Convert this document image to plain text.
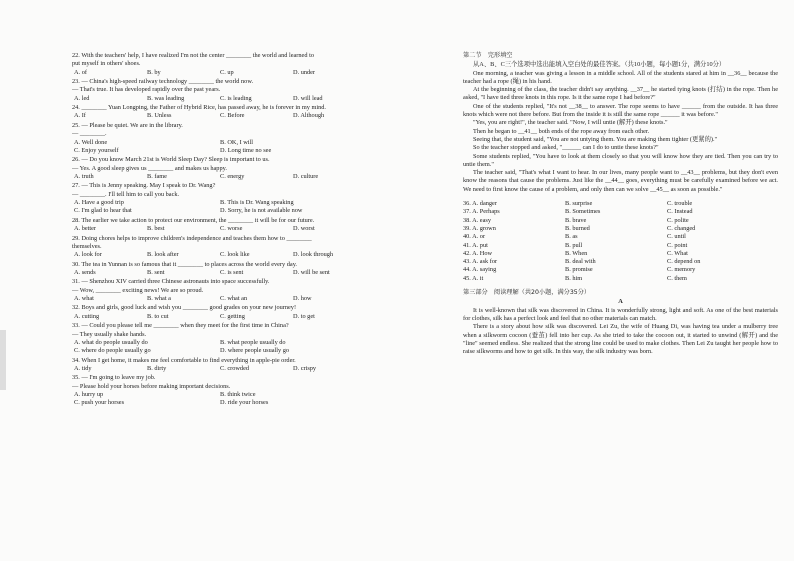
22. With the teachers' help, I have realized I'm not the center ________ the world and learned to
put myself in others' shoes.
A. of	B. by	C. up	D. under
23. — China's high-speed railway technology ________ the world now.
— That's true. It has developed rapidly over the past years.
A. led	B. was leading	C. is leading	D. will lead
24. ________ Yuan Longping, the Father of Hybrid Rice, has passed away, he is forever in my mind.
A. If	B. Unless	C. Before	D. Although
25. — Please be quiet. We are in the library.
— ________.
A. Well done	B. OK, I will
C. Enjoy yourself	D. Long time no see
26. — Do you know March 21st is World Sleep Day? Sleep is important to us.
— Yes. A good sleep gives us ________ and makes us happy.
A. truth	B. fame	C. energy	D. culture
27. — This is Jenny speaking. May I speak to Dr. Wang?
— ________. I'll tell him to call you back.
A. Have a good trip	B. This is Dr. Wang speaking
C. I'm glad to hear that	D. Sorry, he is not available now
28. The earlier we take action to protect our environment, the ________ it will be for our future.
A. better	B. best	C. worse	D. worst
29. Doing chores helps to improve children's independence and teaches them how to ________
themselves.
A. look for	B. look after	C. look like	D. look through
30. The tea in Yunnan is so famous that it ________ to places across the world every day.
A. sends	B. sent	C. is sent	D. will be sent
31. — Shenzhou XIV carried three Chinese astronauts into space successfully.
— Wow, ________ exciting news! We are so proud.
A. what	B. what a	C. what an	D. how
32. Boys and girls, good luck and wish you ________ good grades on your new journey!
A. cutting	B. to cut	C. getting	D. to get
33. — Could you please tell me ________ when they meet for the first time in China?
— They usually shake hands.
A. what do people usually do	B. what people usually do
C. where do people usually go	D. where people usually go
34. When I get home, it makes me feel comfortable to find everything in apple-pie order.
A. tidy	B. dirty	C. crowded	D. crispy
35. — I'm going to leave my job.
— Please hold your horses before making important decisions.
A. hurry up	B. think twice
C. push your horses	D. ride your horses
第二节　完形填空
从A、B、C三个选项中选出能填入空白处的最佳答案。（共10小题，每小题1分，满分10分）
One morning, a teacher was giving a lesson in a middle school. All of the students stared at him in __36__ because the teacher had a rope (绳) in his hand.
At the beginning of the class, the teacher didn't say anything. __37__ he started tying knots (打结) in the rope. Then he asked, "I have tied three knots in this rope. Is it the same rope I had before?"
One of the students replied, "It's not __38__ to answer. The rope seems to have ______ from the outside. It has three knots which were not there before. But from the inside it is still the same rope ______ it was before."
"Yes, you are right!", the teacher said. "Now, I will untie (解开) these knots."
Then he began to __41__ both ends of the rope away from each other.
Seeing that, the student said, "You are not untying them. You are making them tighter (更紧的)."
So the teacher stopped and asked, "______ can I do to untie these knots?"
Some students replied, "You have to look at them closely so that you will know how they are tied. Then you can try to untie them."
The teacher said, "That's what I want to hear. In our lives, many people want to __43__ problems, but they don't even know the reasons that cause the problems. Just like the __44__ goes, everything must be carefully examined before we act. We need to first know the cause of a problem, and only then can we solve __45__ as soon as possible."
36. A. danger	B. surprise	C. trouble
37. A. Perhaps	B. Sometimes	C. Instead
38. A. easy	B. brave	C. polite
39. A. grown	B. burned	C. changed
40. A. or	B. as	C. until
41. A. put	B. pull	C. point
42. A. How	B. When	C. What
43. A. ask for	B. deal with	C. depend on
44. A. saying	B. promise	C. memory
45. A. it	B. him	C. them
第三部分　阅读理解（共20小题，满分35分）
A
It is well-known that silk was discovered in China. It is wonderfully strong, light and soft. As one of the best materials for clothes, silk has a perfect look and feel that no other materials can match.
There is a story about how silk was discovered. Lei Zu, the wife of Huang Di, was having tea under a mulberry tree when a silkworm cocoon (蚕茧) fell into her cup. As she tried to take the cocoon out, it started to unwind (解开) and the "line" seemed endless. She realized that the strong line could be used to make clothes. Then Lei Zu taught her people how to raise silkworms and how to get silk. In this way, the silk industry was born.
